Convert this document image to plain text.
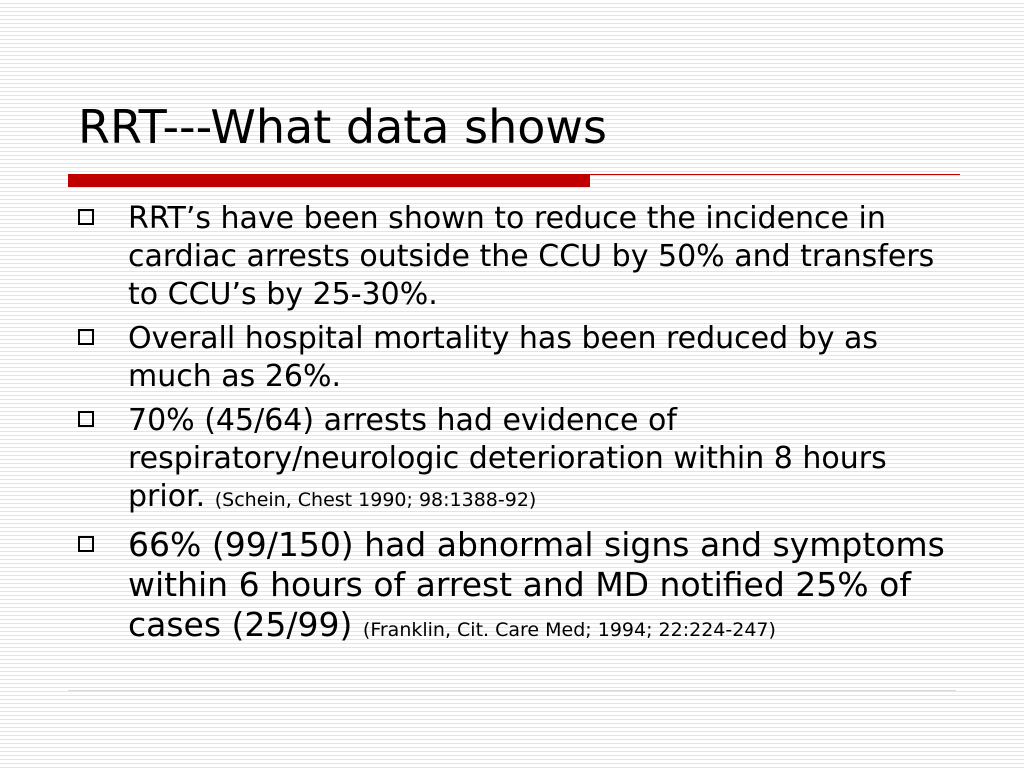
RRT---What data shows
RRT’s have been shown to reduce the incidence in cardiac arrests outside the CCU by 50% and transfers to CCU’s by 25-30%.
Overall hospital mortality has been reduced by as much as 26%.
70% (45/64) arrests had evidence of respiratory/neurologic deterioration within 8 hours prior. (Schein, Chest 1990; 98:1388-92)
66% (99/150) had abnormal signs and symptoms within 6 hours of arrest and MD notified 25% of cases (25/99) (Franklin, Cit. Care Med; 1994; 22:224-247)
